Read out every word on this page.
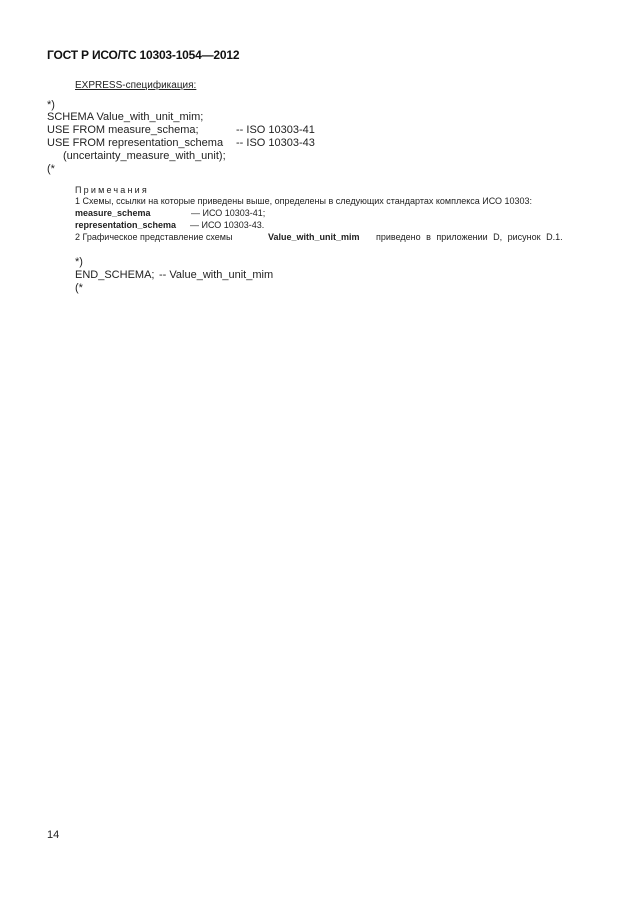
ГОСТ Р ИСО/ТС 10303-1054—2012
EXPRESS-спецификация:
*)
SCHEMA Value_with_unit_mim;
USE FROM measure_schema;	-- ISO 10303-41
USE FROM representation_schema -- ISO 10303-43
(uncertainty_measure_with_unit);
(*
Примечания
1 Схемы, ссылки на которые приведены выше, определены в следующих стандартах комплекса ИСО 10303:
measure_schema	— ИСО 10303-41;
representation_schema — ИСО 10303-43.
2 Графическое представление схемы	Value_with_unit_mim приведено в приложении D, рисунок D.1.
*)
END_SCHEMA; -- Value_with_unit_mim
(*
14
